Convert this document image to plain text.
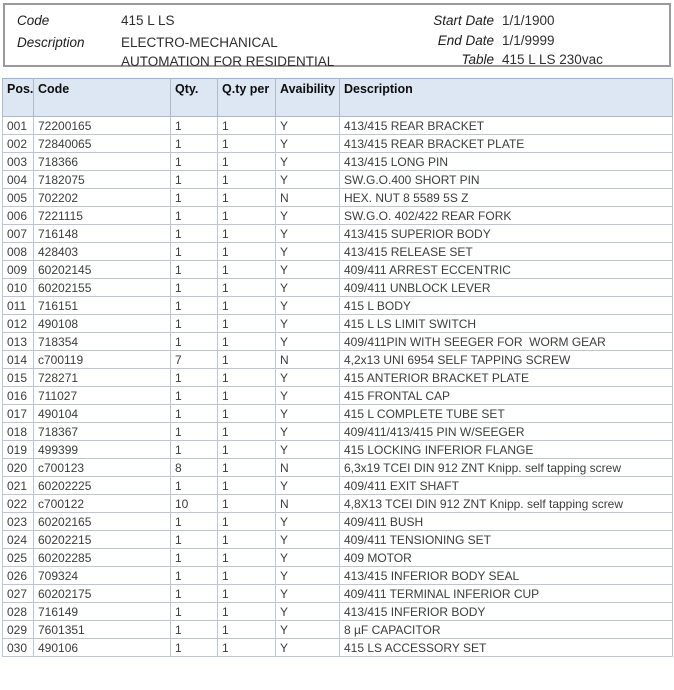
Code	415 L LS
Description	ELECTRO-MECHANICAL
AUTOMATION FOR RESIDENTIAL
Start Date 1/1/1900
End Date 1/1/9999
Table 415 L LS 230vac
Pos.	Code	Qty.	Q.ty per	Avaibility	Description
001	72200165	1	1	Y	413/415 REAR BRACKET
002	72840065	1	1	Y	413/415 REAR BRACKET PLATE
003	718366	1	1	Y	413/415 LONG PIN
004	7182075	1	1	Y	SW.G.O.400 SHORT PIN
005	702202	1	1	N	HEX. NUT 8 5589 5S Z
006	7221115	1	1	Y	SW.G.O. 402/422 REAR FORK
007	716148	1	1	Y	413/415 SUPERIOR BODY
008	428403	1	1	Y	413/415 RELEASE SET
009	60202145	1	1	Y	409/411 ARREST ECCENTRIC
010	60202155	1	1	Y	409/411 UNBLOCK LEVER
011	716151	1	1	Y	415 L BODY
012	490108	1	1	Y	415 L LS LIMIT SWITCH
013	718354	1	1	Y	409/411PIN WITH SEEGER FOR  WORM GEAR
014	c700119	7	1	N	4,2x13 UNI 6954 SELF TAPPING SCREW
015	728271	1	1	Y	415 ANTERIOR BRACKET PLATE
016	711027	1	1	Y	415 FRONTAL CAP
017	490104	1	1	Y	415 L COMPLETE TUBE SET
018	718367	1	1	Y	409/411/413/415 PIN W/SEEGER
019	499399	1	1	Y	415 LOCKING INFERIOR FLANGE
020	c700123	8	1	N	6,3x19 TCEI DIN 912 ZNT Knipp. self tapping screw
021	60202225	1	1	Y	409/411 EXIT SHAFT
022	c700122	10	1	N	4,8X13 TCEI DIN 912 ZNT Knipp. self tapping screw
023	60202165	1	1	Y	409/411 BUSH
024	60202215	1	1	Y	409/411 TENSIONING SET
025	60202285	1	1	Y	409 MOTOR
026	709324	1	1	Y	413/415 INFERIOR BODY SEAL
027	60202175	1	1	Y	409/411 TERMINAL INFERIOR CUP
028	716149	1	1	Y	413/415 INFERIOR BODY
029	7601351	1	1	Y	8 µF CAPACITOR
030	490106	1	1	Y	415 LS ACCESSORY SET
